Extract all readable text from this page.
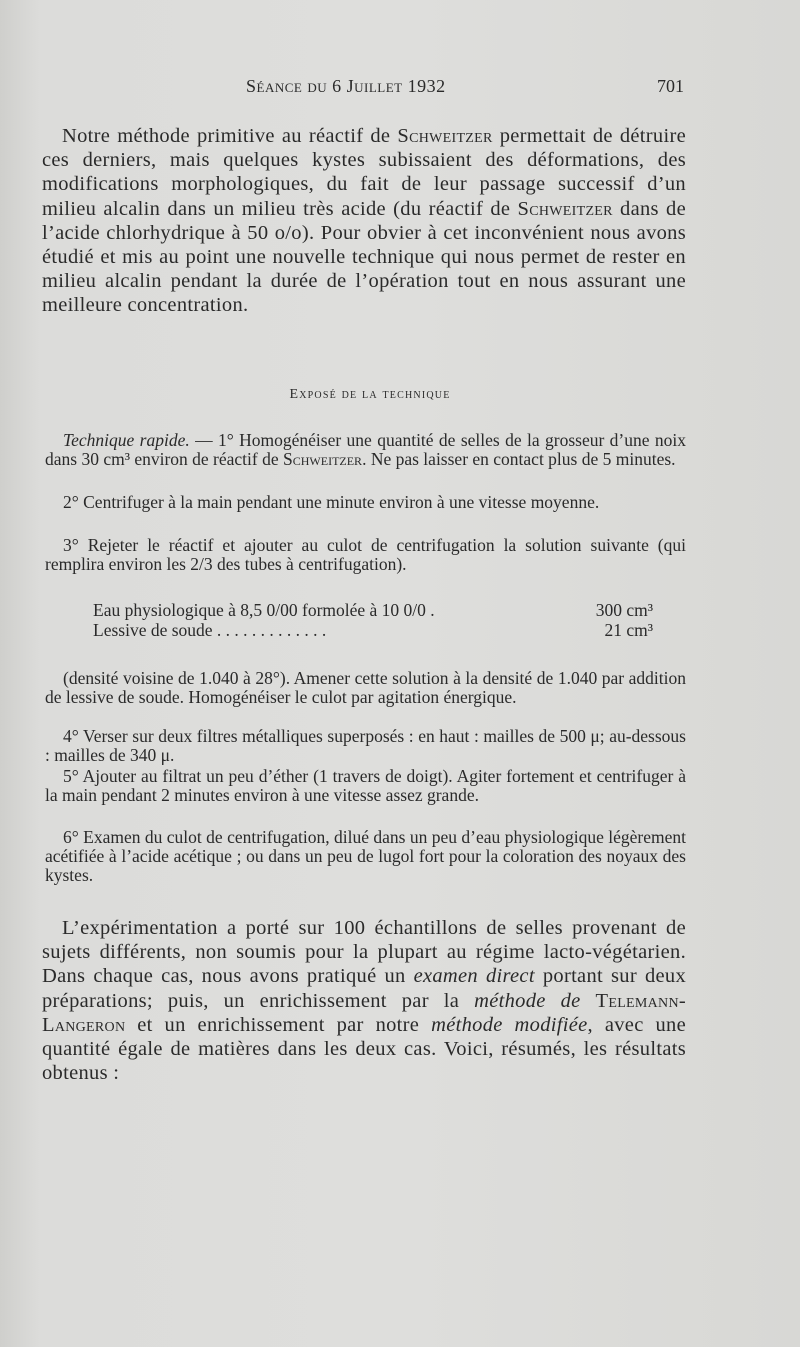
Séance du 6 Juillet 1932	701

Notre méthode primitive au réactif de Schweitzer permettait de détruire ces derniers, mais quelques kystes subissaient des déformations, des modifications morphologiques, du fait de leur passage successif d’un milieu alcalin dans un milieu très acide (du réactif de Schweitzer dans de l’acide chlorhydrique à 50 o/o). Pour obvier à cet inconvénient nous avons étudié et mis au point une nouvelle technique qui nous permet de rester en milieu alcalin pendant la durée de l’opération tout en nous assurant une meilleure concentration.

Exposé de la technique

Technique rapide. — 1° Homogénéiser une quantité de selles de la grosseur d’une noix dans 30 cm³ environ de réactif de Schweitzer. Ne pas laisser en contact plus de 5 minutes.

2° Centrifuger à la main pendant une minute environ à une vitesse moyenne.

3° Rejeter le réactif et ajouter au culot de centrifugation la solution suivante (qui remplira environ les 2/3 des tubes à centrifugation).

Eau physiologique à 8,5 0/00 formolée à 10 0/0 .	300 cm³
Lessive de soude . . . . . . . . . . . . .	21 cm³

(densité voisine de 1.040 à 28°). Amener cette solution à la densité de 1.040 par addition de lessive de soude. Homogénéiser le culot par agitation énergique.

4° Verser sur deux filtres métalliques superposés : en haut : mailles de 500 μ; au-dessous : mailles de 340 μ.

5° Ajouter au filtrat un peu d’éther (1 travers de doigt). Agiter fortement et centrifuger à la main pendant 2 minutes environ à une vitesse assez grande.

6° Examen du culot de centrifugation, dilué dans un peu d’eau physiologique légèrement acétifiée à l’acide acétique ; ou dans un peu de lugol fort pour la coloration des noyaux des kystes.

L’expérimentation a porté sur 100 échantillons de selles provenant de sujets différents, non soumis pour la plupart au régime lacto-végétarien. Dans chaque cas, nous avons pratiqué un examen direct portant sur deux préparations; puis, un enrichissement par la méthode de Telemann-Langeron et un enrichissement par notre méthode modifiée, avec une quantité égale de matières dans les deux cas. Voici, résumés, les résultats obtenus :
